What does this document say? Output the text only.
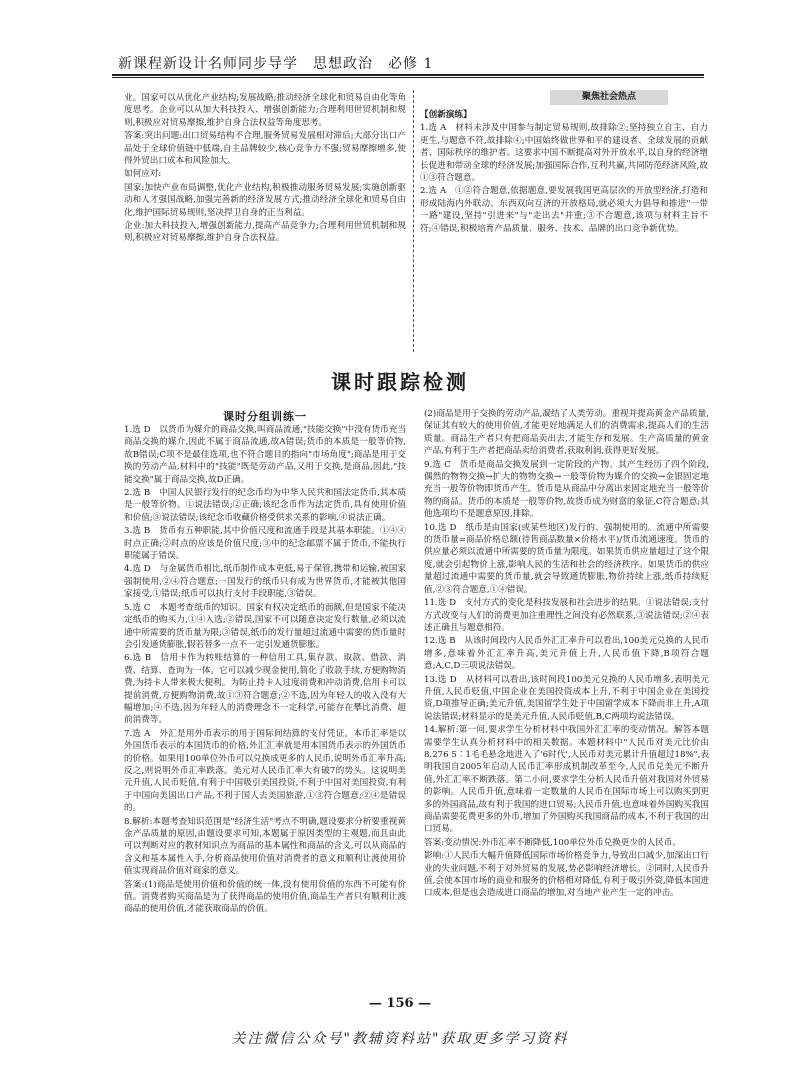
新课程新设计名师同步导学　思想政治　必修 1

业。国家可以从优化产业结构;发展战略;推动经济全球化和贸易自由化等角度思考。企业可以从加大科技投入、增强创新能力;合理利用世贸机制和规则,积极应对贸易摩擦,维护自身合法权益等角度思考。

答案:突出问题:出口贸易结构不合理,服务贸易发展相对滞后;大部分出口产品处于全球价值链中低端,自主品牌较少,核心竞争力不强;贸易摩擦增多,使得外贸出口成本和风险加大。

如何应对:

国家:加快产业布局调整,优化产业结构,积极推动服务贸易发展;实施创新驱动和人才强国战略,加强完善新的经济发展方式;推动经济全球化和贸易自由化,维护国际贸易规则,坚决捍卫自身的正当利益。

企业:加大科技投入,增强创新能力,提高产品竞争力;合理利用世贸机制和规则,积极应对贸易摩擦,维护自身合法权益。

聚焦社会热点

【创新演练】

1.选 A　材料未涉及中国参与制定贸易规则,故排除②;坚持独立自主、自力更生,与题意不符,故排除④;中国始终做世界和平的建设者、全球发展的贡献者、国际秩序的维护者。这要求中国不断提高对外开放水平,以自身的经济增长促进和带动全球的经济发展;加强国际合作,互利共赢,共同防范经济风险,故①③符合题意。

2.选 A　①②符合题意,依据题意,要发展我国更高层次的开放型经济,打造和形成陆海内外联动、东西双向互济的开放格局,就必须大力倡导和推进"一带一路"建设,坚持"引进来"与"走出去"并重;③不合题意,该项与材料主旨不符;④错误,积极培育产品质量、服务、技术、品牌的出口竞争新优势。

课时跟踪检测
课时分组训练一

1.选 D　以货币为媒介的商品交换,叫商品流通,"技能交换"中没有货币充当商品交换的媒介,因此不属于商品流通,故A错误;货币的本质是一般等价物,故B错误;C项不是最佳选项,也不符合题目的指向"市场角度";商品是用于交换的劳动产品,材料中的"技能"既是劳动产品,又用于交换,是商品,因此,"技能交换"属于商品交换,故D正确。

2.选 B　中国人民银行发行的纪念币均为中华人民共和国法定货币,其本质是一般等价物。①说法错误;②正确;该纪念币作为法定货币,具有使用价值和价值;③说法错误;该纪念币收藏价格受供求关系的影响,④说法正确。

3.选 B　货币有五种职能,其中价值尺度和流通手段是其基本职能。①④④时点正确;②时点的应该是价值尺度;③中的纪念邮票不属于货币,不能执行职能属于错误。

4.选 D　与金属货币相比,纸币制作成本更低,易于保管,携带和运输,被国家强制使用,②④符合题意;一国发行的纸币只有成为世界货币,才能被其他国家接受,①错误;纸币可以执行支付手段职能,③错误。

5.选 C　本题考查纸币的知识。国家有权决定纸币的面额,但是国家不能决定纸币的购买力,①④入选;②错误,国家不可以随意决定发行数量,必须以流通中所需要的货币量为限;③错误,纸币的发行量超过流通中需要的货币量时会引发通货膨胀,假若替多一点不一定引发通货膨胀。

6.选 B　信用卡作为转账结算的一种信用工具,集存款、取款、借款、消费、结算、查询为一体。它可以减少现金使用,简化了收款手续,方便购物消费,为持卡人带来极大便利。为防止持卡人过度消费和冲动消费,信用卡可以提前消费,方便购物消费,故①③符合题意;②不选,因为年轻人的收入没有大幅增加;④不选,因为年轻人的消费理念不一定科学,可能存在攀比消费、超前消费等。

7.选 A　外汇是用外币表示的用于国际间结算的支付凭证。本币汇率是以外国货币表示的本国货币的价格,外汇汇率就是用本国货币表示的外国货币的价格。如果用100单位外币可以兑换成更多的人民币,说明外币汇率升高;反之,则说明外币汇率跌落。美元对人民币汇率大有破7的势头。这说明美元升值,人民币贬值,有利于中国吸引美国投资,不利于中国对美国投资,有利于中国向美国出口产品,不利于国人去美国旅游,①③符合题意;②④是错误的。

8.解析:本题考查知识范围是"经济生活"考点不明确,题设要求分析要重视黄金产品质量的原因,由题设要求可知,本题属于原因类型的主观题,而且由此可以判断对应的教材知识点为商品的基本属性和商品的含义,可以从商品的含义和基本属性入手,分析商品使用价值对消费者的意义和顺利让渡使用价值实现商品价值对商家的意义。

答案:(1)商品是使用价值和价值的统一体,没有使用价值的东西不可能有价值。消费者购买商品是为了获得商品的使用价值,商品生产者只有顺利让渡商品的使用价值,才能获取商品的价值。

(2)商品是用于交换的劳动产品,凝结了人类劳动。重视并提高黄金产品质量,保证其有较大的使用价值,才能更好地满足人们的消费需求,提高人们的生活质量。商品生产者只有把商品卖出去,才能生存和发展。生产高质量的黄金产品,有利于生产者把商品卖给消费者,获取利润,获得更好发展。

9.选 C　货币是商品交换发展到一定阶段的产物。其产生经历了四个阶段,偶然的物物交换→扩大的物物交换→一般等价物为媒介的交换→金银固定地充当一般等价物即货币产生。货币是从商品中分离出来固定地充当一般等价物的商品。货币的本质是一般等价物,故货币成为财富的象征,C符合题意;其他选项均不是题意原因,排除。

10.选 D　纸币是由国家(或某些地区)发行的、强制使用的。流通中所需要的货币量=商品价格总额(待售商品数量×价格水平)/货币流通速度。货币的供应量必须以流通中所需要的货币量为限度。如果货币供应量超过了这个限度,就会引起物价上涨,影响人民的生活和社会的经济秩序。如果货币的供应量超过流通中需要的货币量,就会导致通货膨胀,物价持续上涨,纸币持续贬值,②③符合题意,①④错误。

11.选 D　支付方式的变化是科技发展和社会进步的结果。①说法错误;支付方式改变与人们的消费更加注重理性之间没有必然联系,③说法错误;②④表述正确且与题意相符。

12.选 B　从该时间段内人民币外汇汇率升可以看出,100美元兑换的人民币增多,意味着外汇汇率升高,美元升值上升,人民币值下降,B项符合题意;A,C,D三项说法错误。

13.选 D　从材料可以看出,该时间段100美元兑换的人民币增多,表明美元升值,人民币贬值,中国企业在美国投资成本上升,不利于中国企业在美国投资,D项推导正确;美元升值,美国留学生处于中国留学成本下降而非上升,A项说法错误;材料显示的是美元升值,人民币贬值,B,C两项均说法错误。

14.解析:第一问,要求学生分析材料中我国外汇汇率的变动情况。解答本题需要学生认真分析材料中的相关数据。本题材料中"人民币对美元比价由8.276 5∶1毛毛悬念地进入了'6时代',人民币对美元累计升值超过18%",表明我国自2005年启动人民币汇率形成机制改革至今,人民币兑美元不断升值,外汇汇率不断跌落。第二小问,要求学生分析人民币升值对我国对外贸易的影响。人民币升值,意味着一定数量的人民币在国际市场上可以购买到更多的外国商品,故有利于我国的进口贸易;人民币升值,也意味着外国购买我国商品需要花费更多的外币,增加了外国购买我国商品的成本,不利于我国的出口贸易。

答案:变动情况:外币汇率不断降低,100单位外币兑换更少的人民币。

影响:①人民币大幅升值降低国际市场价格竞争力,导致出口减少,加深出口行业的失业问题,不利于对外贸易的发展,势必影响经济增长。②同时,人民币升值,会使本国市场的商业和服务的价格相对降低,有利于吸引外资,降低本国进口成本,但是也会造成进口商品的增加,对当地产业产生一定的冲击。

— 156 —
关注微信公众号"教辅资料站"获取更多学习资料
